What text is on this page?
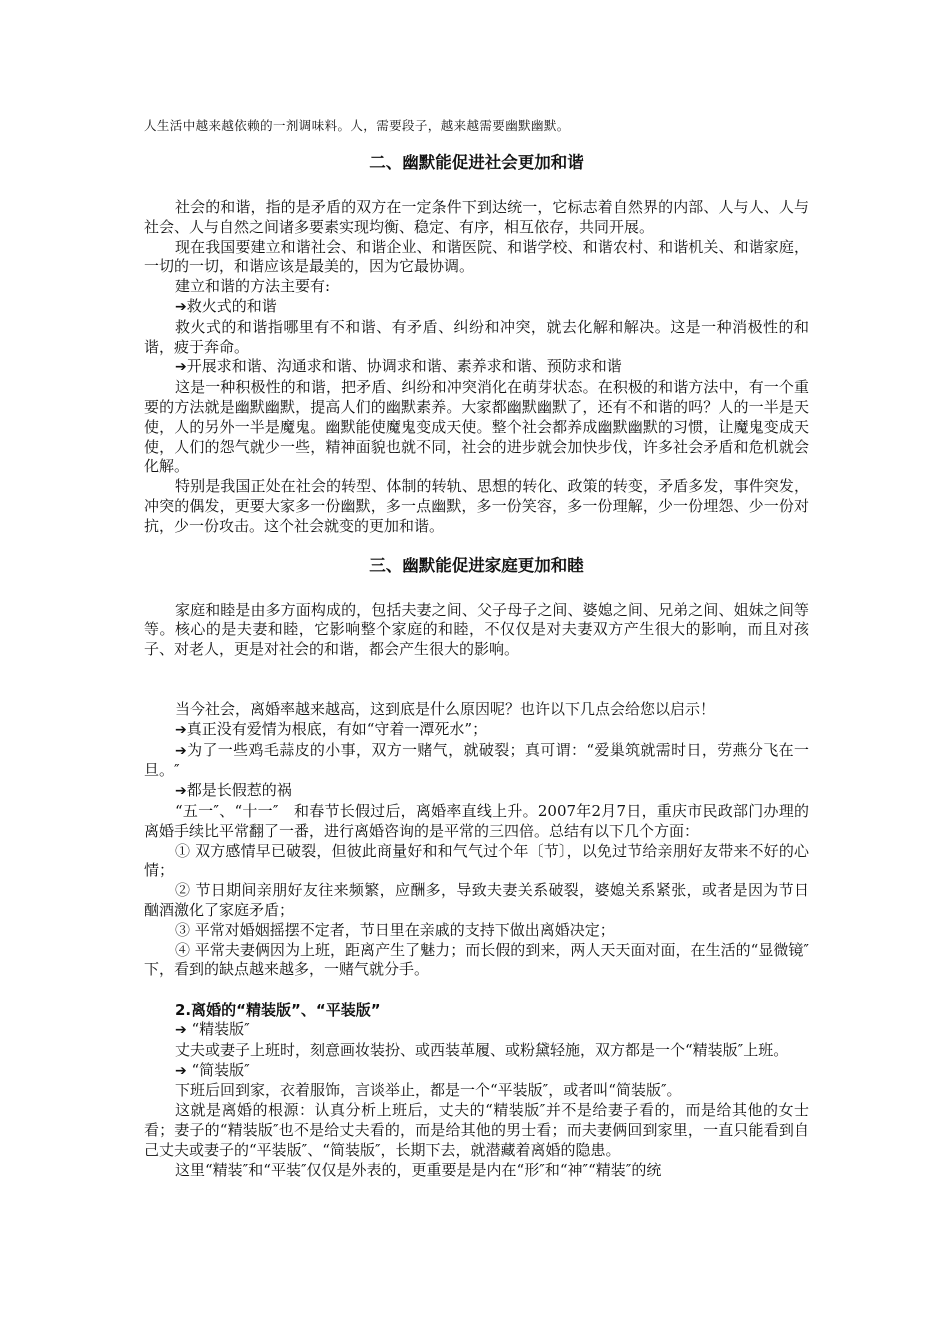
人生活中越来越依赖的一剂调味料。人，需要段子，越来越需要幽默幽默。

二、幽默能促进社会更加和谐

社会的和谐，指的是矛盾的双方在一定条件下到达统一，它标志着自然界的内部、人与人、人与社会、人与自然之间诸多要素实现均衡、稳定、有序，相互依存，共同开展。

现在我国要建立和谐社会、和谐企业、和谐医院、和谐学校、和谐农村、和谐机关、和谐家庭，一切的一切，和谐应该是最美的，因为它最协调。

建立和谐的方法主要有:

➔救火式的和谐

救火式的和谐指哪里有不和谐、有矛盾、纠纷和冲突，就去化解和解决。这是一种消极性的和谐，疲于奔命。

➔开展求和谐、沟通求和谐、协调求和谐、素养求和谐、预防求和谐

这是一种积极性的和谐，把矛盾、纠纷和冲突消化在萌芽状态。在积极的和谐方法中，有一个重要的方法就是幽默幽默，提高人们的幽默素养。大家都幽默幽默了，还有不和谐的吗？人的一半是天使，人的另外一半是魔鬼。幽默能使魔鬼变成天使。整个社会都养成幽默幽默的习惯，让魔鬼变成天使，人们的怨气就少一些，精神面貌也就不同，社会的进步就会加快步伐，许多社会矛盾和危机就会化解。

特别是我国正处在社会的转型、体制的转轨、思想的转化、政策的转变，矛盾多发，事件突发，冲突的偶发，更要大家多一份幽默，多一点幽默，多一份笑容，多一份理解，少一份埋怨、少一份对抗，少一份攻击。这个社会就变的更加和谐。

三、幽默能促进家庭更加和睦

家庭和睦是由多方面构成的，包括夫妻之间、父子母子之间、婆媳之间、兄弟之间、姐妹之间等等。核心的是夫妻和睦，它影响整个家庭的和睦，不仅仅是对夫妻双方产生很大的影响，而且对孩子、对老人，更是对社会的和谐，都会产生很大的影响。

当今社会，离婚率越来越高，这到底是什么原因呢？也许以下几点会给您以启示！

➔真正没有爱情为根底，有如“守着一潭死水”；

➔为了一些鸡毛蒜皮的小事，双方一赌气，就破裂；真可谓：“爱巢筑就需时日，劳燕分飞在一旦。″

➔都是长假惹的祸

“五一″、“十一″　和春节长假过后，离婚率直线上升。2007年2月7日，重庆市民政部门办理的离婚手续比平常翻了一番，进行离婚咨询的是平常的三四倍。总结有以下几个方面：

① 双方感情早已破裂，但彼此商量好和和气气过个年〔节〕，以免过节给亲朋好友带来不好的心情；

② 节日期间亲朋好友往来频繁，应酬多，导致夫妻关系破裂，婆媳关系紧张，或者是因为节日酗酒激化了家庭矛盾；

③ 平常对婚姻摇摆不定者，节日里在亲戚的支持下做出离婚决定；

④ 平常夫妻俩因为上班，距离产生了魅力；而长假的到来，两人天天面对面，在生活的“显微镜″下，看到的缺点越来越多，一赌气就分手。

2.离婚的“精装版”、“平装版”

➔ “精装版″

丈夫或妻子上班时，刻意画妆装扮、或西装革履、或粉黛轻施，双方都是一个“精装版″上班。

➔ “简装版″

下班后回到家，衣着服饰，言谈举止，都是一个“平装版″，或者叫“简装版″。

这就是离婚的根源：认真分析上班后，丈夫的“精装版″并不是给妻子看的，而是给其他的女士看；妻子的“精装版″也不是给丈夫看的，而是给其他的男士看；而夫妻俩回到家里，一直只能看到自己丈夫或妻子的“平装版″、“简装版″，长期下去，就潜藏着离婚的隐患。

这里“精装″和“平装″仅仅是外表的，更重要是是内在“形″和“神″“精装″的统
